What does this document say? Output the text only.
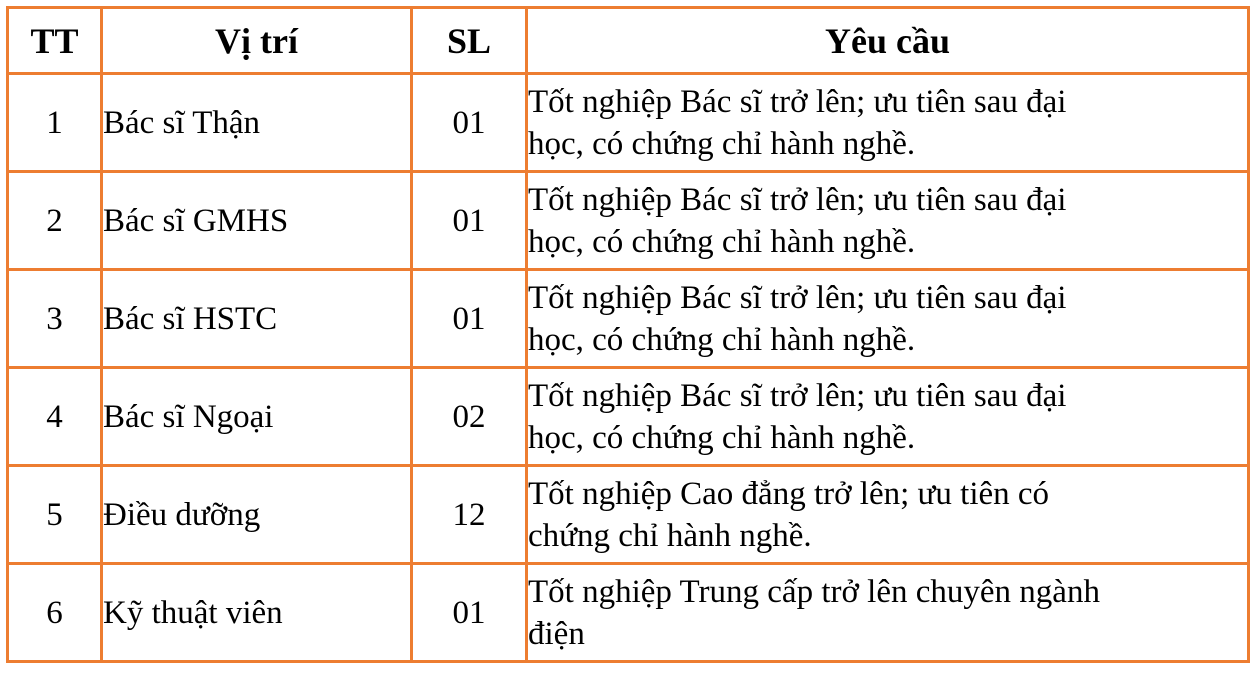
TT	Vị trí	SL	Yêu cầu
1	Bác sĩ Thận	01	Tốt nghiệp Bác sĩ trở lên; ưu tiên sau đại
học, có chứng chỉ hành nghề.
2	Bác sĩ GMHS	01	Tốt nghiệp Bác sĩ trở lên; ưu tiên sau đại
học, có chứng chỉ hành nghề.
3	Bác sĩ HSTC	01	Tốt nghiệp Bác sĩ trở lên; ưu tiên sau đại
học, có chứng chỉ hành nghề.
4	Bác sĩ Ngoại	02	Tốt nghiệp Bác sĩ trở lên; ưu tiên sau đại
học, có chứng chỉ hành nghề.
5	Điều dưỡng	12	Tốt nghiệp Cao đẳng trở lên; ưu tiên có
chứng chỉ hành nghề.
6	Kỹ thuật viên	01	Tốt nghiệp Trung cấp trở lên chuyên ngành
điện
